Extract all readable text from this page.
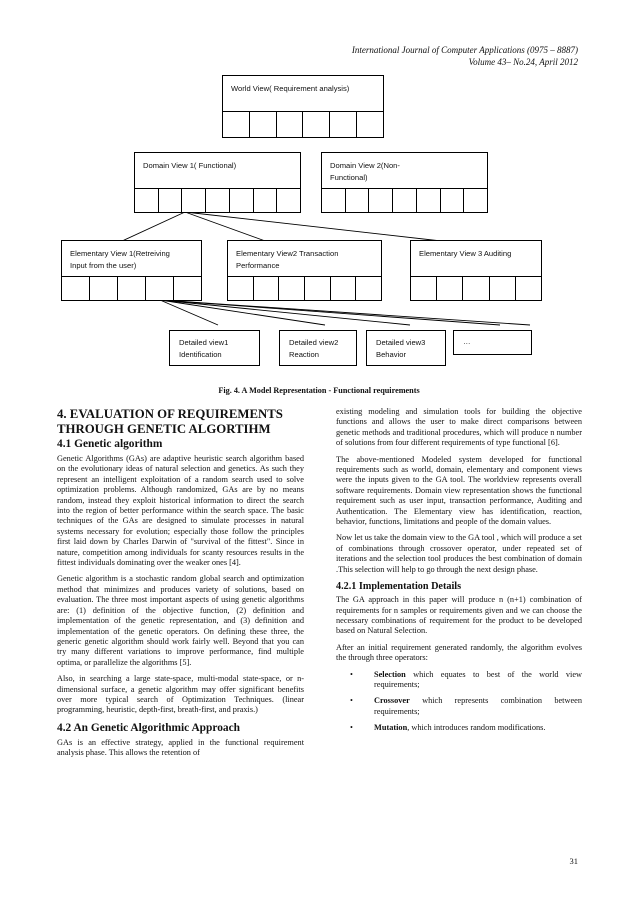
International Journal of Computer Applications (0975 – 8887)
Volume 43– No.24, April 2012
World View( Requirement analysis)
Domain View 1( Functional)	Domain View 2(Non-
Functional)
Elementary View 1(Retreiving
Input from the user)
Elementary View2 Transaction
Performance
Elementary View 3 Auditing
Detailed view1
Identification
Detailed view2
Reaction
Detailed view3
Behavior
…
Fig. 4. A Model Representation - Functional requirements
4. EVALUATION OF REQUIREMENTS
THROUGH GENETIC ALGORTIHM
4.1 Genetic algorithm

Genetic Algorithms (GAs) are adaptive heuristic search algorithm based on the evolutionary ideas of natural selection and genetics. As such they represent an intelligent exploitation of a random search used to solve optimization problems. Although randomized, GAs are by no means random, instead they exploit historical information to direct the search into the region of better performance within the search space. The basic techniques of the GAs are designed to simulate processes in natural systems necessary for evolution; especially those follow the principles first laid down by Charles Darwin of "survival of the fittest". Since in nature, competition among individuals for scanty resources results in the fittest individuals dominating over the weaker ones [4].

Genetic algorithm is a stochastic random global search and optimization method that minimizes and produces variety of solutions, based on evaluation. The three most important aspects of using genetic algorithms are: (1) definition of the objective function, (2) definition and implementation of the genetic representation, and (3) definition and implementation of the genetic operators. On defining these three, the generic genetic algorithm should work fairly well. Beyond that you can try many different variations to improve performance, find multiple optima, or parallelize the algorithms [5].

Also, in searching a large state-space, multi-modal state-space, or n-dimensional surface, a genetic algorithm may offer significant benefits over more typical search of Optimization Techniques. (linear programming, heuristic, depth-first, breath-first, and praxis.)

4.2 An Genetic Algorithmic Approach

GAs is an effective strategy, applied in the functional requirement analysis phase. This allows the retention of

existing modeling and simulation tools for building the objective functions and allows the user to make direct comparisons between genetic methods and traditional procedures, which will produce n number of solutions from four different requirements of type functional [6].

The above-mentioned Modeled system developed for functional requirements such as world, domain, elementary and component views were the inputs given to the GA tool. The worldview represents overall software requirements. Domain view representation shows the functional requirement such as user input, transaction performance, Auditing and Authentication. The Elementary view has identification, reaction, behavior, functions, limitations and people of the domain values.

Now let us take the domain view to the GA tool , which will produce a set of combinations through crossover operator, under repeated set of iterations and the selection tool produces the best combination of domain .This selection will help to go through the next design phase.

4.2.1 Implementation Details

The GA approach in this paper will produce n (n+1) combination of requirements for n samples or requirements given and we can choose the necessary combinations of requirement for the product to be developed based on Natural Selection.

After an initial requirement generated randomly, the algorithm evolves the through three operators:

•	Selection which equates to best of the world view requirements;
•	Crossover which represents combination between requirements;
•	Mutation, which introduces random modifications.
31
